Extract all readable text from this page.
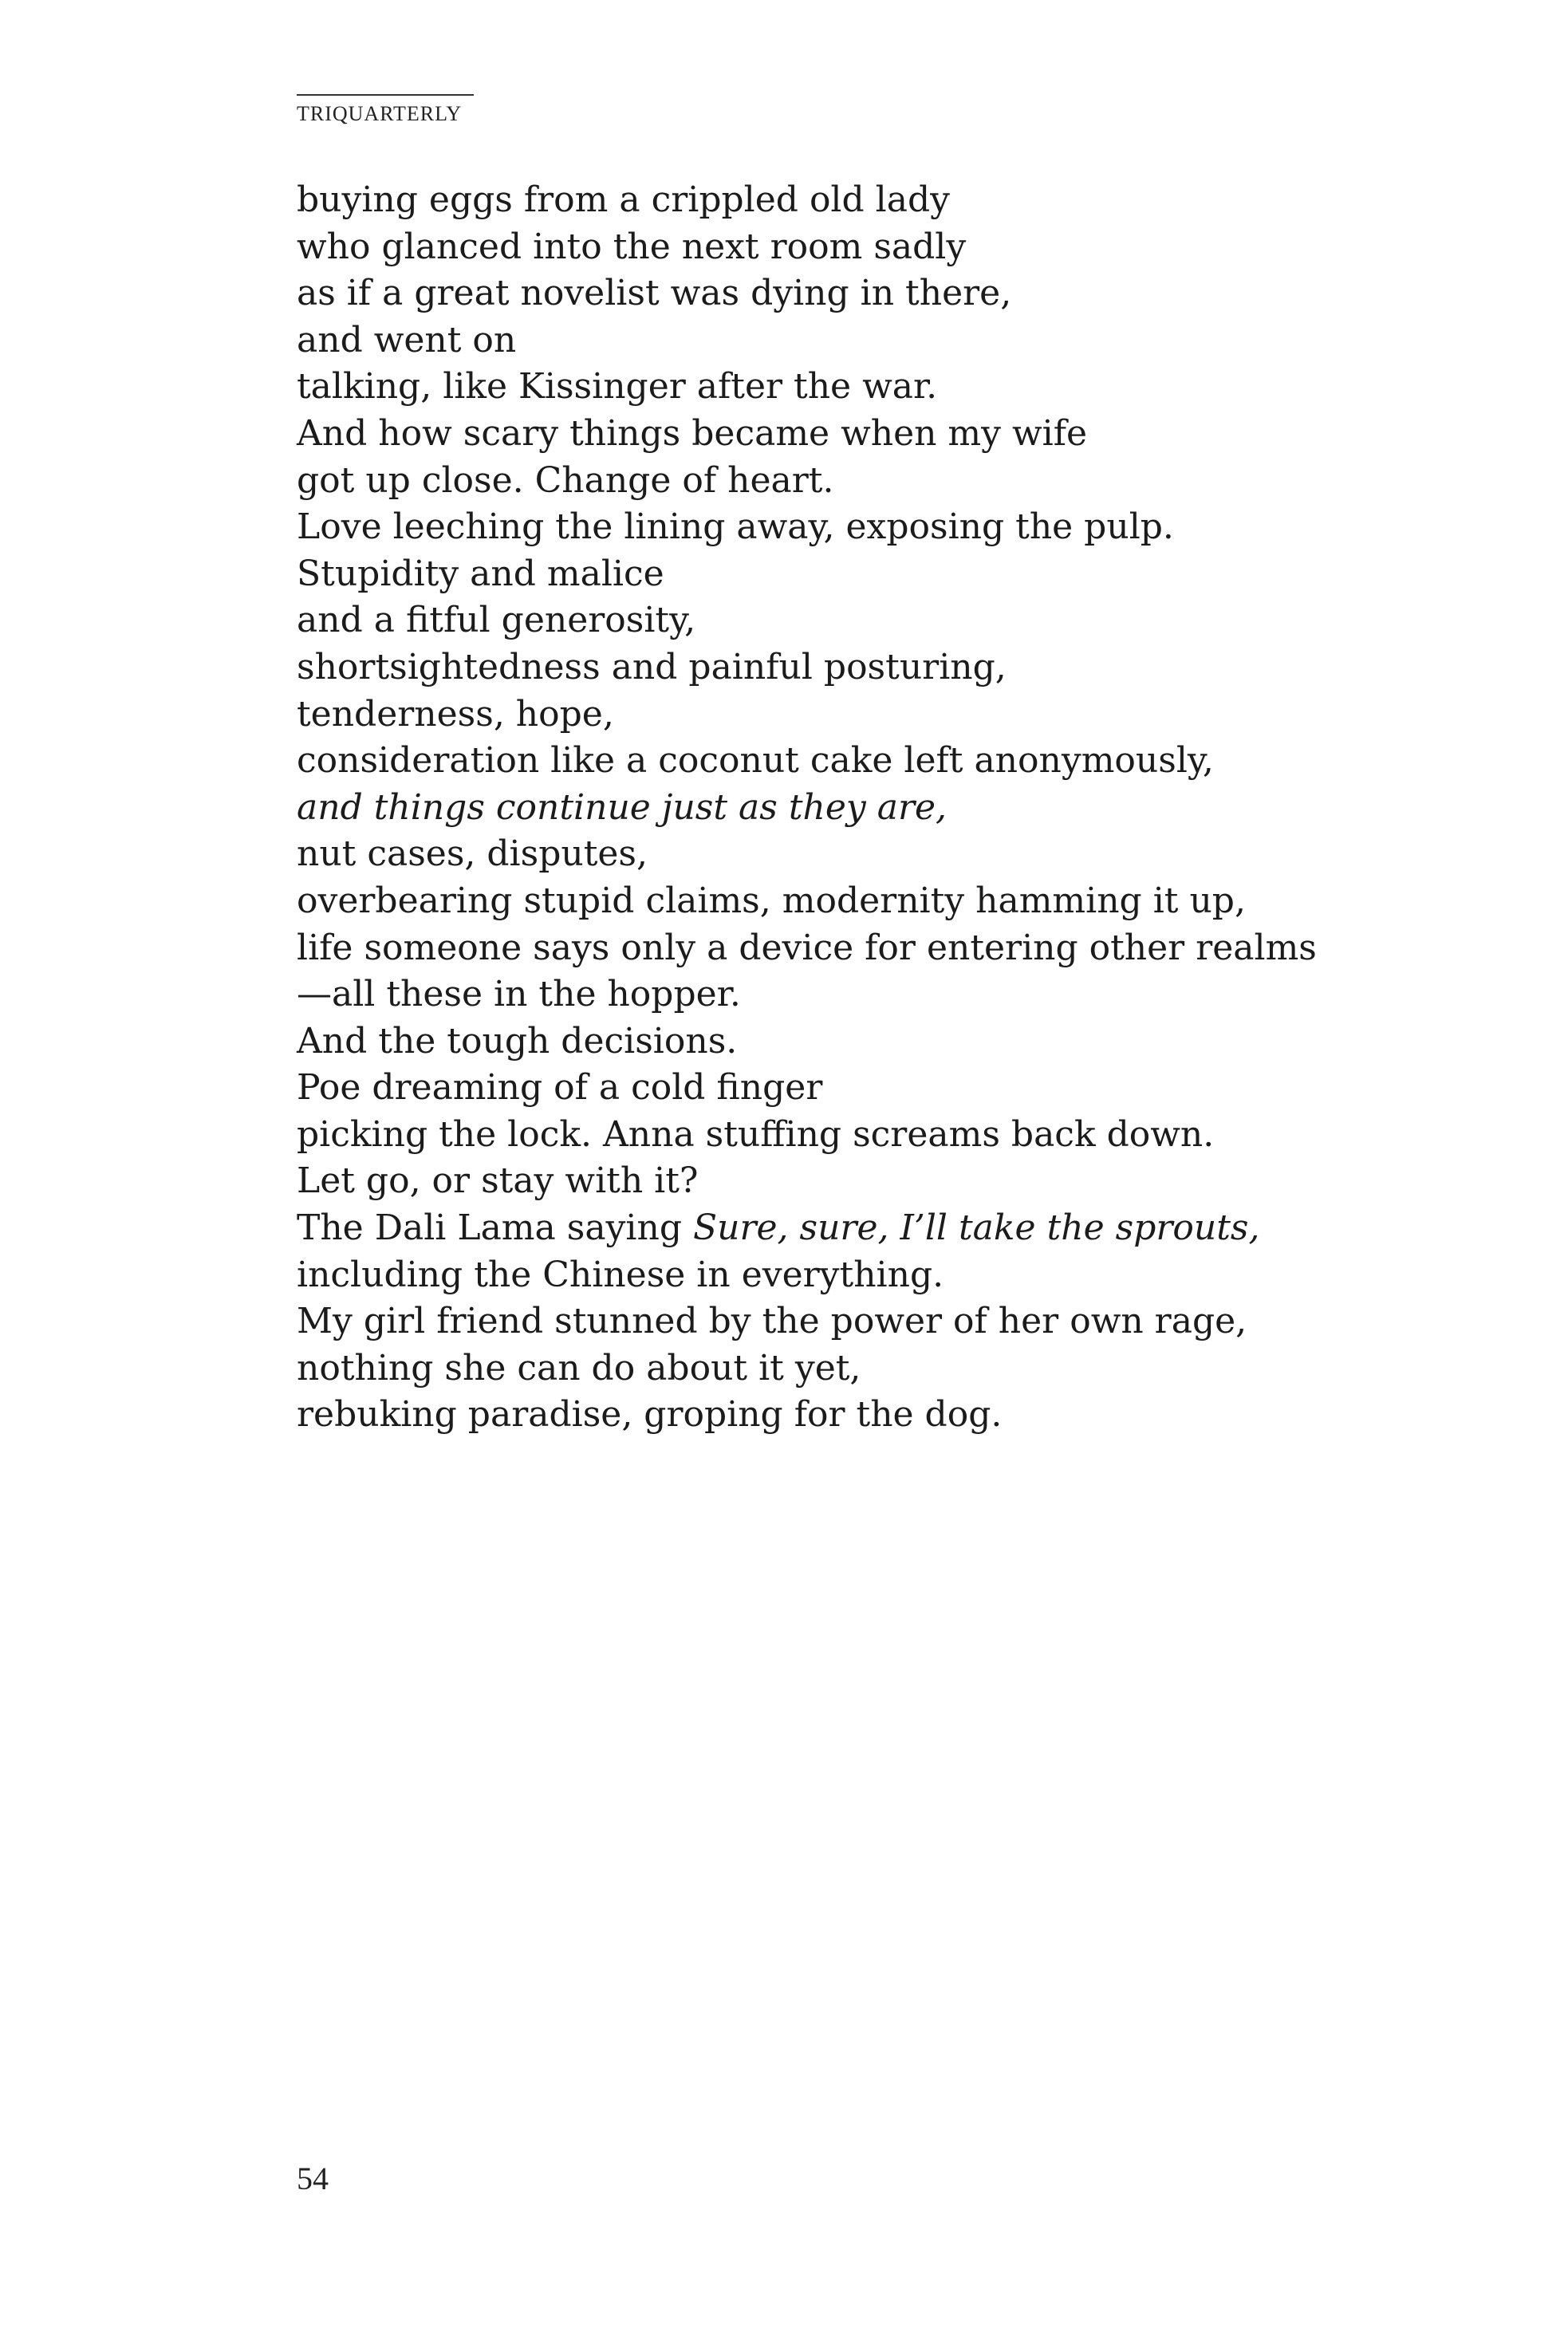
TRIQUARTERLY
buying eggs from a crippled old lady
who glanced into the next room sadly
as if a great novelist was dying in there,
and went on
talking, like Kissinger after the war.
And how scary things became when my wife
got up close. Change of heart.
Love leeching the lining away, exposing the pulp.
Stupidity and malice
and a fitful generosity,
shortsightedness and painful posturing,
tenderness, hope,
consideration like a coconut cake left anonymously,
and things continue just as they are,
nut cases, disputes,
overbearing stupid claims, modernity hamming it up,
life someone says only a device for entering other realms
—all these in the hopper.
And the tough decisions.
Poe dreaming of a cold finger
picking the lock. Anna stuffing screams back down.
Let go, or stay with it?
The Dali Lama saying Sure, sure, I’ll take the sprouts,
including the Chinese in everything.
My girl friend stunned by the power of her own rage,
nothing she can do about it yet,
rebuking paradise, groping for the dog.
54
